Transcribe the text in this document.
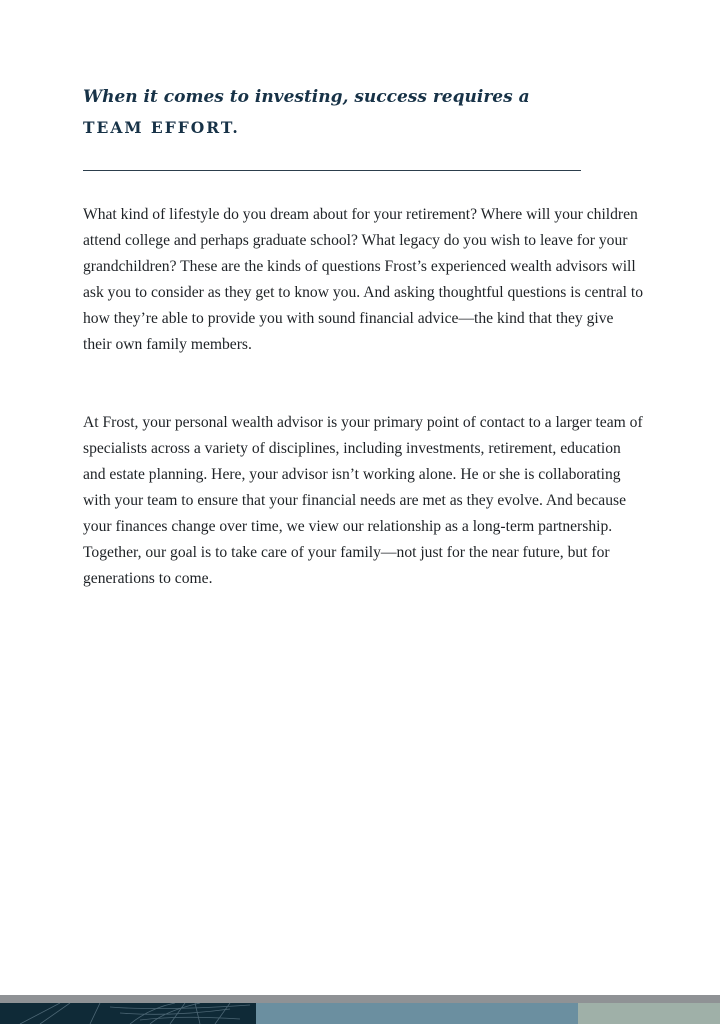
When it comes to investing, success requires a
TEAM EFFORT.

What kind of lifestyle do you dream about for your retirement? Where will your children attend college and perhaps graduate school? What legacy do you wish to leave for your grandchildren? These are the kinds of questions Frost’s experienced wealth advisors will ask you to consider as they get to know you. And asking thoughtful questions is central to how they’re able to provide you with sound financial advice—the kind that they give their own family members.

At Frost, your personal wealth advisor is your primary point of contact to a larger team of specialists across a variety of disciplines, including investments, retirement, education and estate planning. Here, your advisor isn’t working alone. He or she is collaborating with your team to ensure that your financial needs are met as they evolve. And because your finances change over time, we view our relationship as a long-term partnership. Together, our goal is to take care of your family—not just for the near future, but for generations to come.
